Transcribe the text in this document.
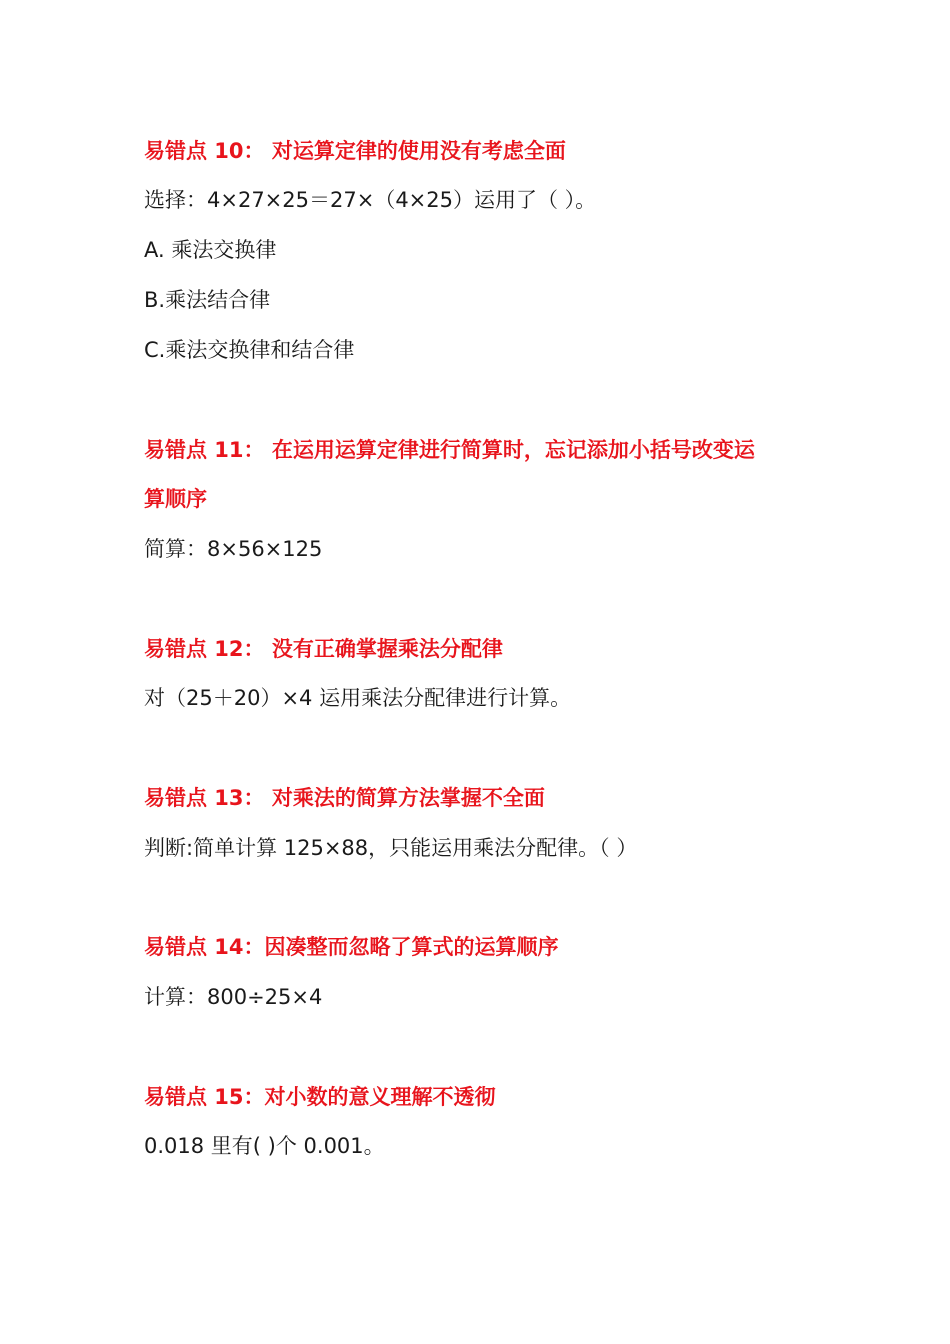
易错点 10： 对运算定律的使用没有考虑全面
选择：4×27×25＝27×（4×25）运用了（ ）。
A. 乘法交换律
B.乘法结合律
C.乘法交换律和结合律
易错点 11： 在运用运算定律进行简算时，忘记添加小括号改变运
算顺序
简算：8×56×125
易错点 12： 没有正确掌握乘法分配律
对（25＋20）×4 运用乘法分配律进行计算。
易错点 13： 对乘法的简算方法掌握不全面
判断:简单计算 125×88，只能运用乘法分配律。（ ）
易错点 14：因凑整而忽略了算式的运算顺序
计算：800÷25×4
易错点 15：对小数的意义理解不透彻
0.018 里有( )个 0.001。
